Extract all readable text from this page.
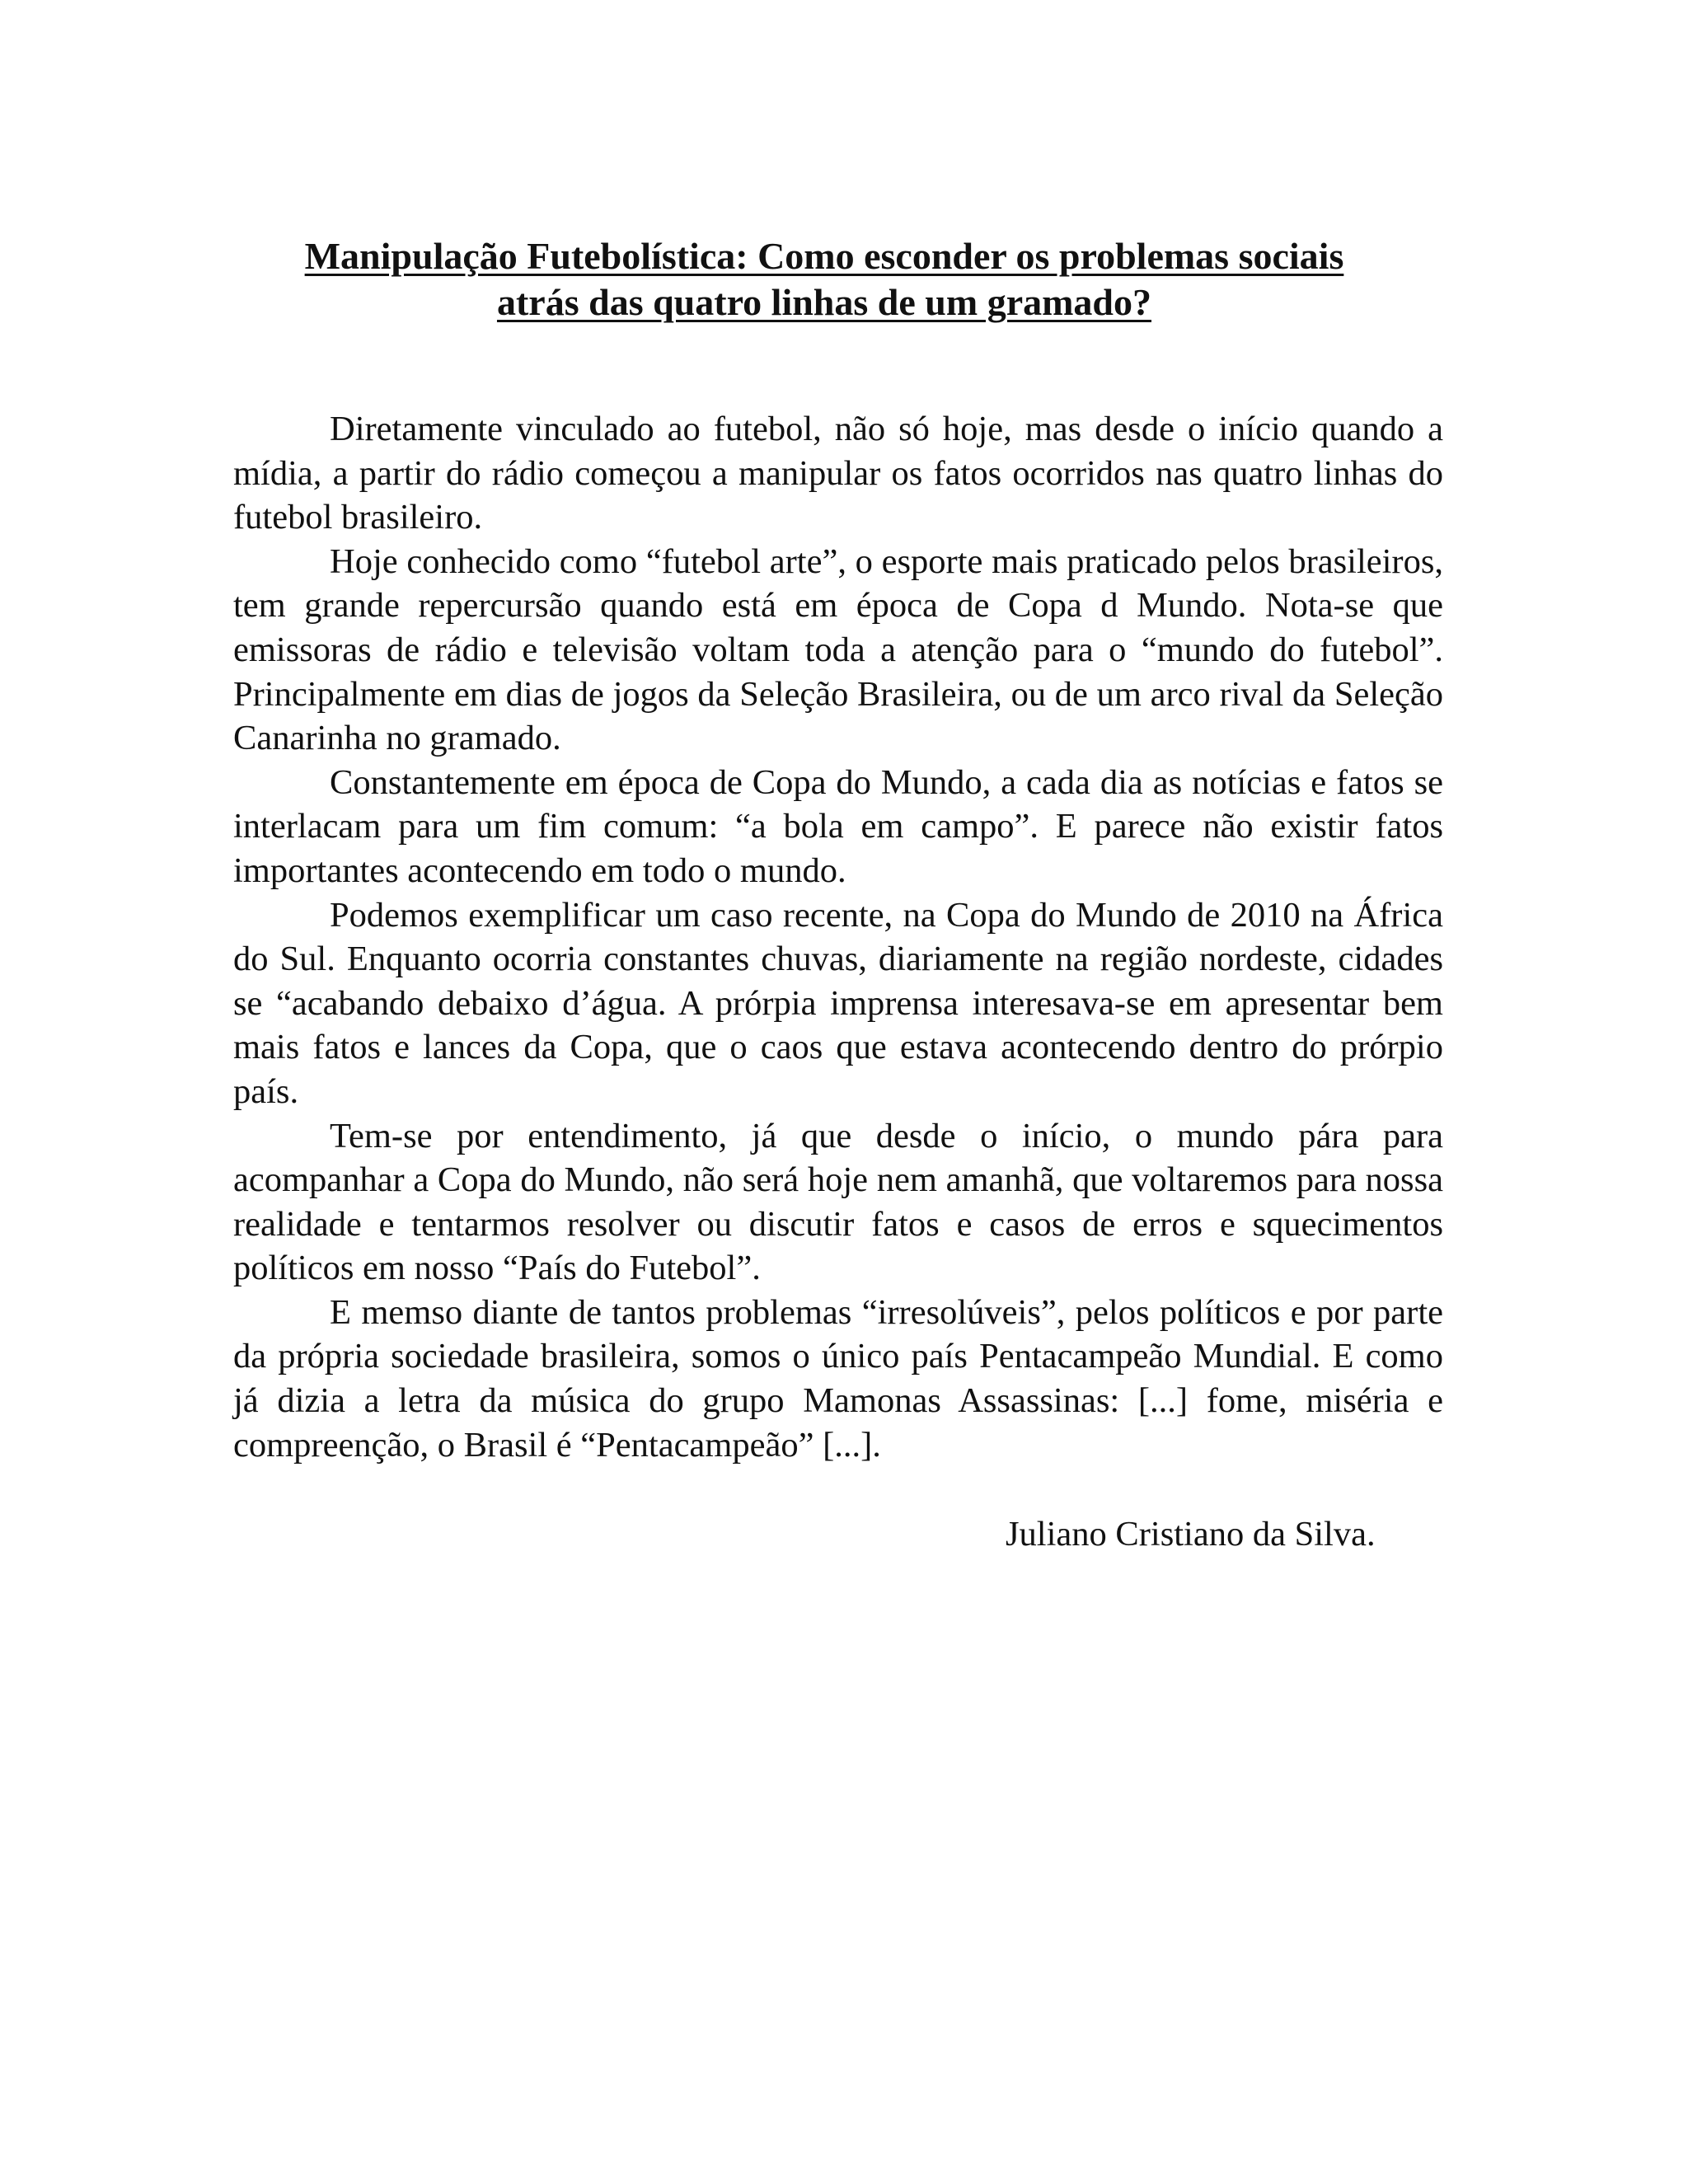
Manipulação Futebolística: Como esconder os problemas sociais
atrás das quatro linhas de um gramado?

Diretamente vinculado ao futebol, não só hoje, mas desde o início quando a mídia, a partir do rádio começou a manipular os fatos ocorridos nas quatro linhas do futebol brasileiro.

Hoje conhecido como “futebol arte”, o esporte mais praticado pelos brasileiros, tem grande repercursão quando está em época de Copa d Mundo. Nota-se que emissoras de rádio e televisão voltam toda a atenção para o “mundo do futebol”. Principalmente em dias de jogos da Seleção Brasileira, ou de um arco rival da Seleção Canarinha no gramado.

Constantemente em época de Copa do Mundo, a cada dia as notícias e fatos se interlacam para um fim comum: “a bola em campo”. E parece não existir fatos importantes acontecendo em todo o mundo.

Podemos exemplificar um caso recente, na Copa do Mundo de 2010 na África do Sul. Enquanto ocorria constantes chuvas, diariamente na região nordeste, cidades se “acabando debaixo d’água. A prórpia imprensa interesava-se em apresentar bem mais fatos e lances da Copa, que o caos que estava acontecendo dentro do prórpio país.

Tem-se por entendimento, já que desde o início, o mundo pára para acompanhar a Copa do Mundo, não será hoje nem amanhã, que voltaremos para nossa realidade e tentarmos resolver ou discutir fatos e casos de erros e squecimentos políticos em nosso “País do Futebol”.

E memso diante de tantos problemas “irresolúveis”, pelos políticos e por parte da própria sociedade brasileira, somos o único país Pentacampeão Mundial. E como já dizia a letra da música do grupo Mamonas Assassinas: [...] fome, miséria e compreenção, o Brasil é “Pentacampeão” [...].

Juliano Cristiano da Silva.
